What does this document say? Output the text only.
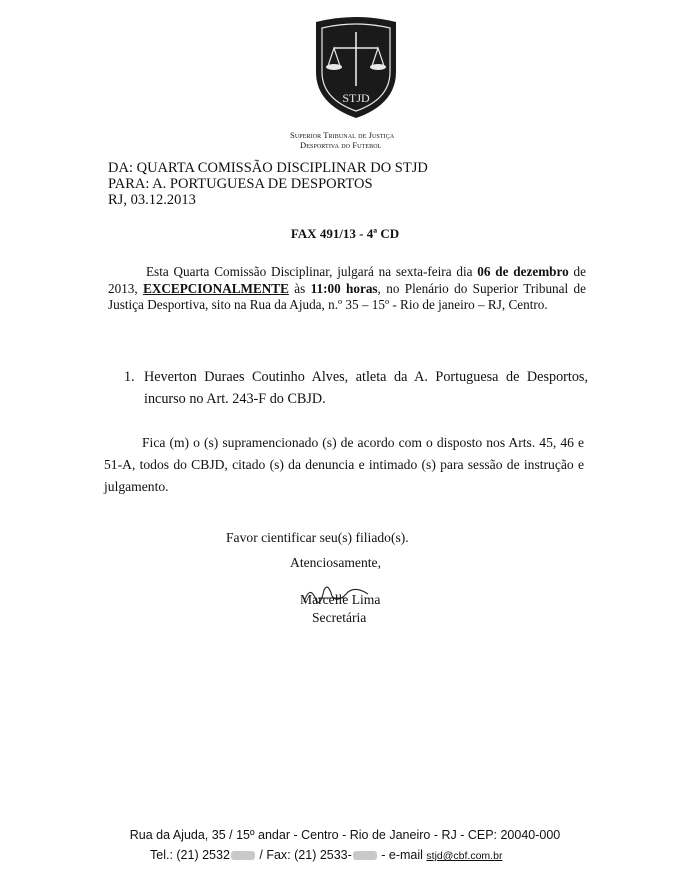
STJD
Superior Tribunal de Justiça
Desportiva do Futebol
DA: QUARTA COMISSÃO DISCIPLINAR DO STJD
PARA: A. PORTUGUESA DE DESPORTOS
RJ, 03.12.2013
FAX 491/13 - 4ª CD
Esta Quarta Comissão Disciplinar, julgará na sexta-feira dia 06 de dezembro de 2013, EXCEPCIONALMENTE às 11:00 horas, no Plenário do Superior Tribunal de Justiça Desportiva, sito na Rua da Ajuda, n.º 35 – 15º - Rio de janeiro – RJ, Centro.
1. Heverton Duraes Coutinho Alves, atleta da A. Portuguesa de Desportos, incurso no Art. 243-F do CBJD.
Fica (m) o (s) supramencionado (s) de acordo com o disposto nos Arts. 45, 46 e 51-A, todos do CBJD, citado (s) da denuncia e intimado (s) para sessão de instrução e julgamento.
Favor cientificar seu(s) filiado(s).
Atenciosamente,
Marcelle Lima
Secretária
Rua da Ajuda, 35 / 15º andar - Centro - Rio de Janeiro - RJ - CEP: 20040-000
Tel.: (21) 2532 / Fax: (21) 2533- - e-mail stjd@cbf.com.br
